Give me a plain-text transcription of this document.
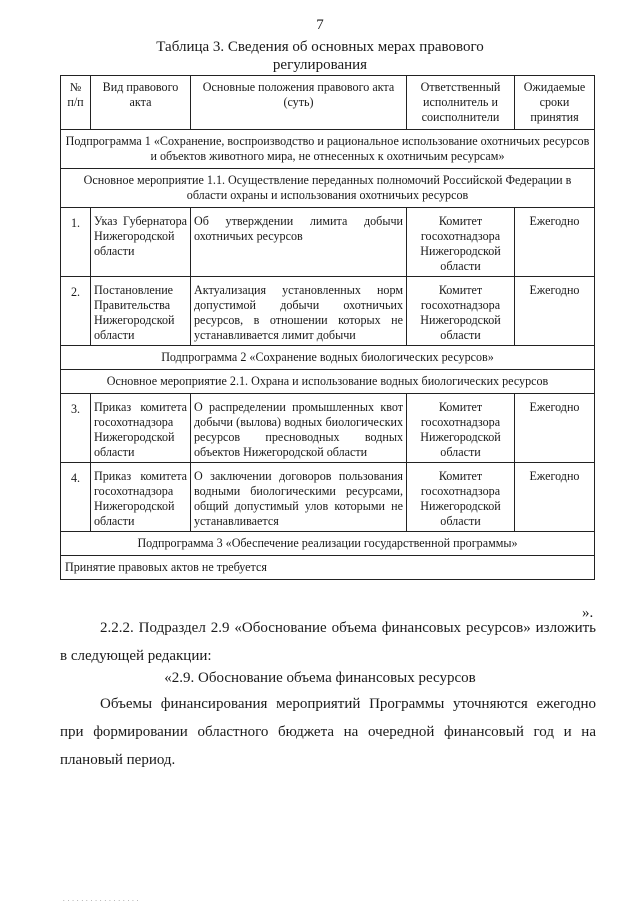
7
Таблица 3. Сведения об основных мерах правового
регулирования
№ п/п	Вид правового акта	Основные положения правового акта (суть)	Ответственный исполнитель и соисполнители	Ожидаемые сроки принятия
Подпрограмма 1 «Сохранение, воспроизводство и рациональное использование охотничьих ресурсов и объектов животного мира, не отнесенных к охотничьим ресурсам»				
Основное мероприятие 1.1. Осуществление переданных полномочий Российской Федерации в области охраны и использования охотничьих ресурсов				
1.	Указ Губернатора Нижегородской области	Об утверждении лимита добычи охотничьих ресурсов	Комитет госохотнадзора Нижегородской области	Ежегодно
2.	Постановление Правительства Нижегородской области	Актуализация установленных норм допустимой добычи охотничьих ресурсов, в отношении которых не устанавливается лимит добычи	Комитет госохотнадзора Нижегородской области	Ежегодно
Подпрограмма 2 «Сохранение водных биологических ресурсов»				
Основное мероприятие 2.1. Охрана и использование водных биологических ресурсов				
3.	Приказ комитета госохотнадзора Нижегородской области	О распределении промышленных квот добычи (вылова) водных биологических ресурсов пресноводных водных объектов Нижегородской области	Комитет госохотнадзора Нижегородской области	Ежегодно
4.	Приказ комитета госохотнадзора Нижегородской области	О заключении договоров пользования водными биологическими ресурсами, общий допустимый улов которыми не устанавливается	Комитет госохотнадзора Нижегородской области	Ежегодно
Подпрограмма 3 «Обеспечение реализации государственной программы»				
Принятие правовых актов не требуется				
».
2.2.2. Подраздел 2.9 «Обоснование объема финансовых ресурсов» изложить в следующей редакции:
«2.9. Обоснование объема финансовых ресурсов
Объемы финансирования мероприятий Программы уточняются ежегодно при формировании областного бюджета на очередной финансовый год и на плановый период.
.................
